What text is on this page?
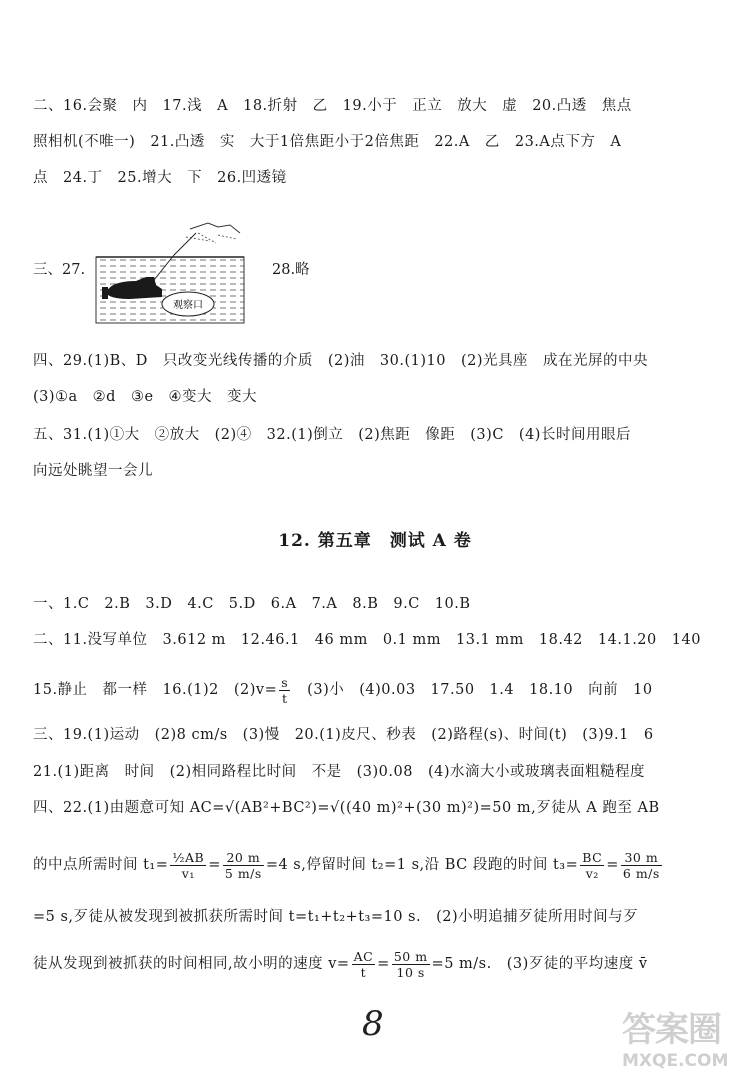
二、16.会聚　内　17.浅　A　18.折射　乙　19.小于　正立　放大　虚　20.凸透　焦点
照相机(不唯一)　21.凸透　实　大于1倍焦距小于2倍焦距　22.A　乙　23.A点下方　A
点　24.丁　25.增大　下　26.凹透镜
三、27.
观察口
28.略
四、29.(1)B、D　只改变光线传播的介质　(2)油　30.(1)10　(2)光具座　成在光屏的中央
(3)①a　②d　③e　④变大　变大
五、31.(1)①大　②放大　(2)④　32.(1)倒立　(2)焦距　像距　(3)C　(4)长时间用眼后
向远处眺望一会儿
12. 第五章　测试 A 卷
一、1.C　2.B　3.D　4.C　5.D　6.A　7.A　8.B　9.C　10.B
二、11.没写单位　3.612 m　12.46.1　46 mm　0.1 mm　13.1 mm　18.42　14.1.20　140
15.静止　都一样　16.(1)2　$(2)v= \frac{s}{t}$ 　(3)小　(4)0.03　17.50　1.4　18.10　向前　10
三、19.(1)运动　(2)8 cm/s　(3)慢　20.(1)皮尺、秒表　(2)路程(s)、时间(t)　(3)9.1　6
21.(1)距离　时间　(2)相同路程比时间　不是　(3)0.08　(4)水滴大小或玻璃表面粗糙程度
四、22.(1)由题意可知 AC=√(AB²+BC²)=√((40 m)²+(30 m)²)=50 m,歹徒从 A 跑至 AB
的中点所需时间 $t_1= \frac{\text{½AB}}{\text{v₁}} = \frac{20 m}{5 m/s} =4$ s,停留时间 t₂=1 s,沿 BC 段跑的时间 $t_3= \frac{BC}{\text{v₂}} = \frac{30 m}{6 m/s}$
=5 s,歹徒从被发现到被抓获所需时间 t=t₁+t₂+t₃=10 s.　(2)小明追捕歹徒所用时间与歹
徒从发现到被抓获的时间相同,故小明的速度 $v= \frac{AC}{t} = \frac{50 m}{10 s} =5$ m/s.　(3)歹徒的平均速度 v̄
8	答案圈
MXQE.COM
